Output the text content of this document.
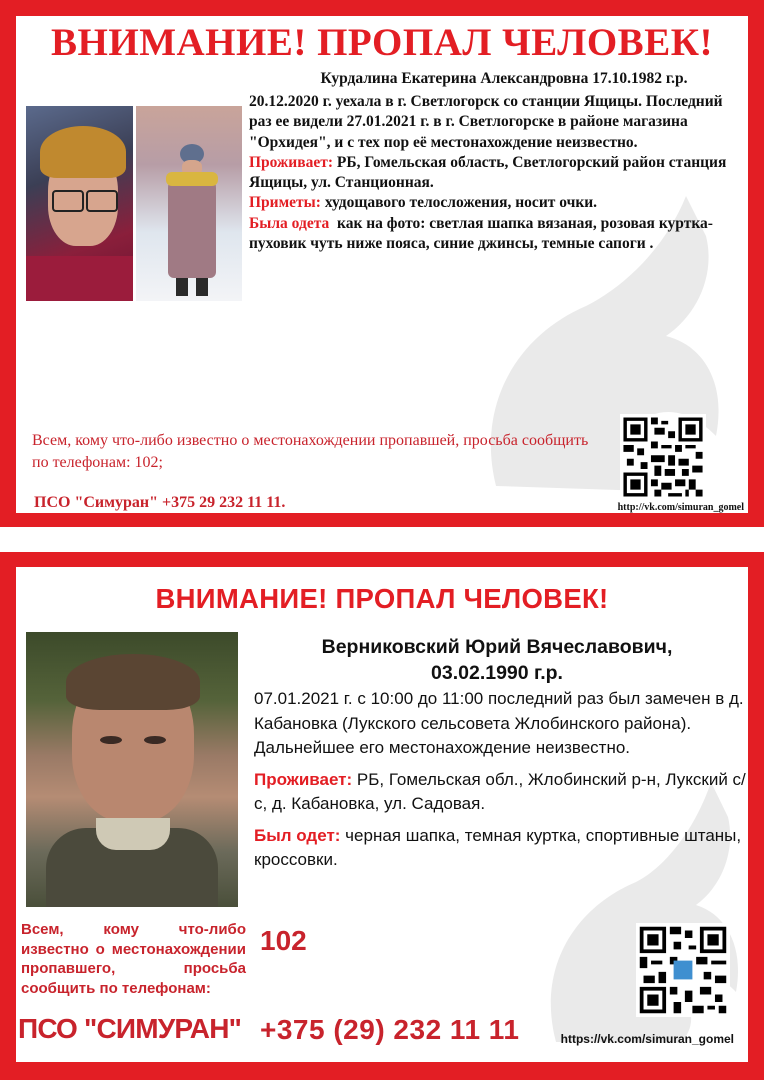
ВНИМАНИЕ! ПРОПАЛ ЧЕЛОВЕК!
Курдалина Екатерина Александровна 17.10.1982 г.р.

20.12.2020 г. уехала в г. Светлогорск со станции Ящицы. Последний раз ее видели 27.01.2021 г. в г. Светлогорске в районе магазина "Орхидея", и с тех пор её местонахождение неизвестно.

Проживает: РБ, Гомельская область, Светлогорский район станция Ящицы, ул. Станционная.

Приметы: худощавого телосложения, носит очки.

Была одета как на фото: светлая шапка вязаная, розовая куртка-пуховик чуть ниже пояса, синие джинсы, темные сапоги .

Всем, кому что-либо известно о местонахождении пропавшей, просьба сообщить по телефонам: 102;
ПСО "Симуран" +375 29 232 11 11.	http://vk.com/simuran_gomel
ВНИМАНИЕ! ПРОПАЛ ЧЕЛОВЕК!
Верниковский Юрий Вячеславович,
03.02.1990 г.р.

07.01.2021 г. с 10:00 до 11:00 последний раз был замечен в д. Кабановка (Лукского сельсовета Жлобинского района). Дальнейшее его местонахождение неизвестно.

Проживает: РБ, Гомельская обл., Жлобинский р-н, Лукский с/с, д. Кабановка, ул. Садовая.

Был одет: черная шапка, темная куртка, спортивные штаны, кроссовки.

Всем, кому что-либо известно о местонахождении пропавшего, просьба сообщить по телефонам:
102
ПСО "СИМУРАН" +375 (29) 232 11 11	https://vk.com/simuran_gomel
